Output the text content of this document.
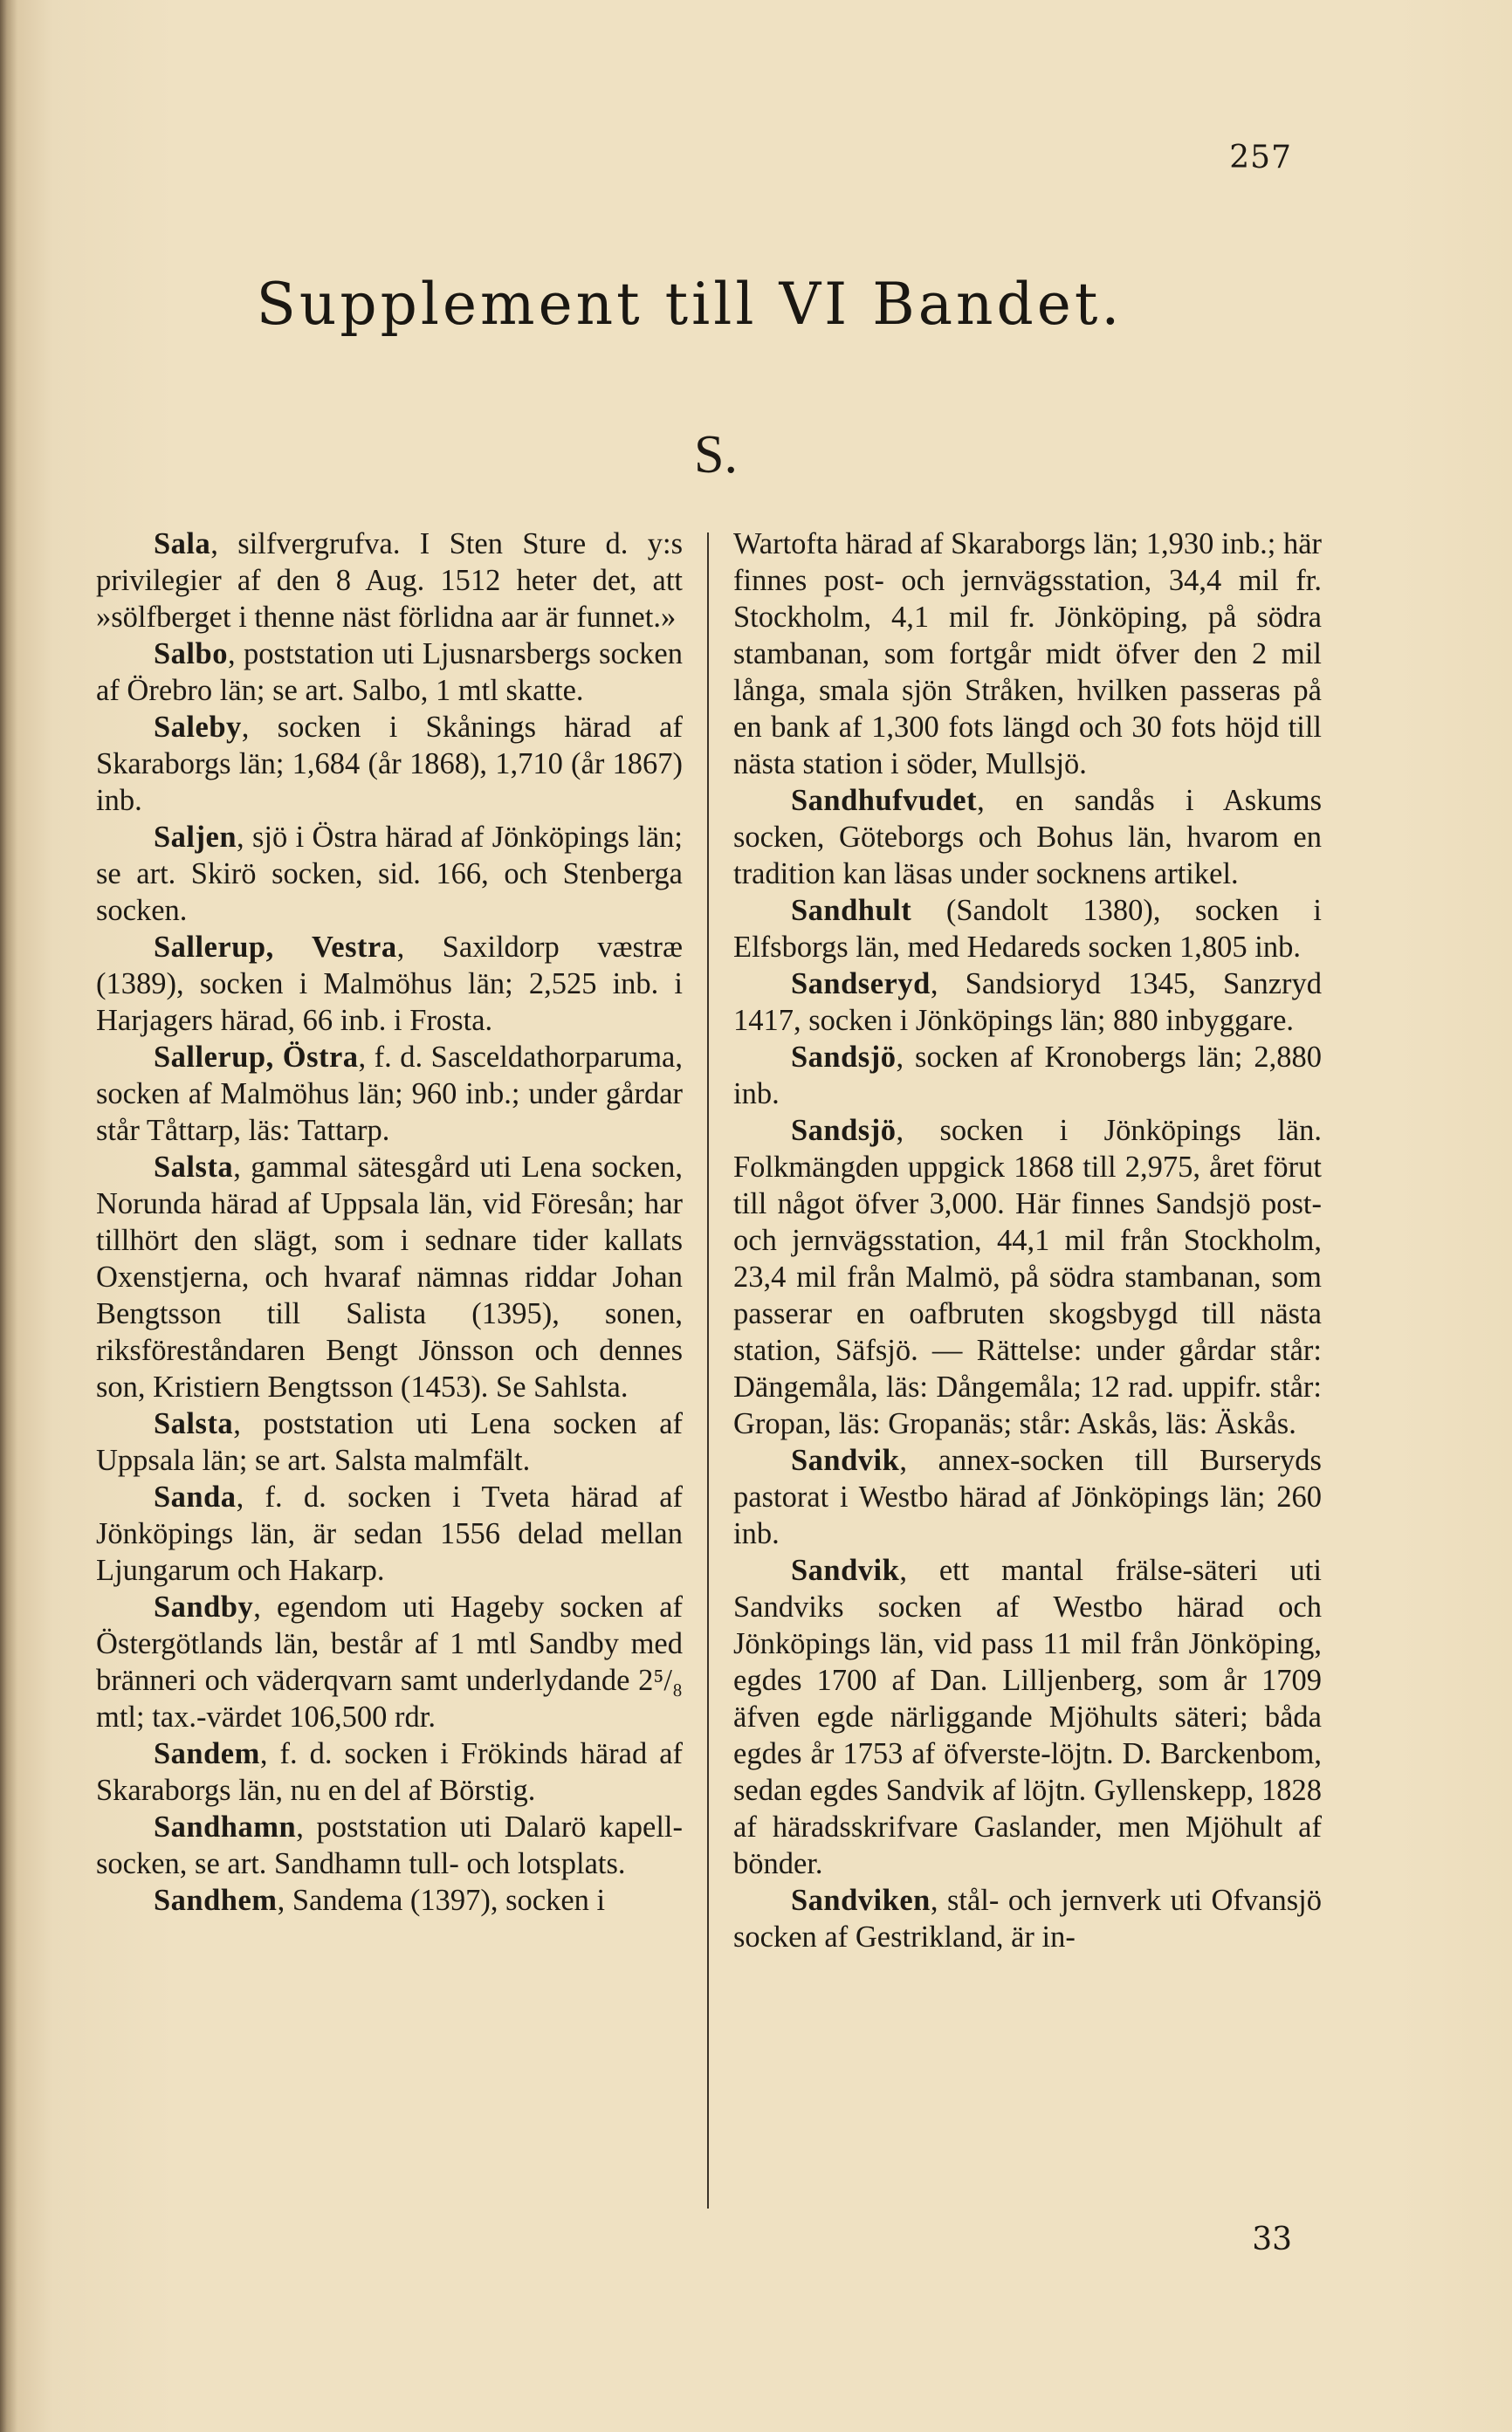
257
Supplement till VI Bandet.
S.

Sala, silfvergrufva. I Sten Sture d. y:s privilegier af den 8 Aug. 1512 heter det, att »sölfberget i thenne näst förlidna aar är funnet.»

Salbo, poststation uti Ljusnarsbergs socken af Örebro län; se art. Salbo, 1 mtl skatte.

Saleby, socken i Skånings härad af Skaraborgs län; 1,684 (år 1868), 1,710 (år 1867) inb.

Saljen, sjö i Östra härad af Jönköpings län; se art. Skirö socken, sid. 166, och Stenberga socken.

Sallerup, Vestra, Saxildorp væstræ (1389), socken i Malmöhus län; 2,525 inb. i Harjagers härad, 66 inb. i Frosta.

Sallerup, Östra, f. d. Sasceldathorparuma, socken af Malmöhus län; 960 inb.; under gårdar står Tåttarp, läs: Tattarp.

Salsta, gammal sätesgård uti Lena socken, Norunda härad af Uppsala län, vid Föresån; har tillhört den slägt, som i sednare tider kallats Oxenstjerna, och hvaraf nämnas riddar Johan Bengtsson till Salista (1395), sonen, riksföreståndaren Bengt Jönsson och dennes son, Kristiern Bengtsson (1453). Se Sahlsta.

Salsta, poststation uti Lena socken af Uppsala län; se art. Salsta malmfält.

Sanda, f. d. socken i Tveta härad af Jönköpings län, är sedan 1556 delad mellan Ljungarum och Hakarp.

Sandby, egendom uti Hageby socken af Östergötlands län, består af 1 mtl Sandby med bränneri och väderqvarn samt underlydande 2⁵/₈ mtl; tax.-värdet 106,500 rdr.

Sandem, f. d. socken i Frökinds härad af Skaraborgs län, nu en del af Börstig.

Sandhamn, poststation uti Dalarö kapell-socken, se art. Sandhamn tull- och lotsplats.

Sandhem, Sandema (1397), socken i

Wartofta härad af Skaraborgs län; 1,930 inb.; här finnes post- och jernvägsstation, 34,4 mil fr. Stockholm, 4,1 mil fr. Jönköping, på södra stambanan, som fortgår midt öfver den 2 mil långa, smala sjön Stråken, hvilken passeras på en bank af 1,300 fots längd och 30 fots höjd till nästa station i söder, Mullsjö.

Sandhufvudet, en sandås i Askums socken, Göteborgs och Bohus län, hvarom en tradition kan läsas under socknens artikel.

Sandhult (Sandolt 1380), socken i Elfsborgs län, med Hedareds socken 1,805 inb.

Sandseryd, Sandsioryd 1345, Sanzryd 1417, socken i Jönköpings län; 880 inbyggare.

Sandsjö, socken af Kronobergs län; 2,880 inb.

Sandsjö, socken i Jönköpings län. Folkmängden uppgick 1868 till 2,975, året förut till något öfver 3,000. Här finnes Sandsjö post- och jernvägsstation, 44,1 mil från Stockholm, 23,4 mil från Malmö, på södra stambanan, som passerar en oafbruten skogsbygd till nästa station, Säfsjö. — Rättelse: under gårdar står: Dängemåla, läs: Dångemåla; 12 rad. uppifr. står: Gropan, läs: Gropanäs; står: Askås, läs: Äskås.

Sandvik, annex-socken till Burseryds pastorat i Westbo härad af Jönköpings län; 260 inb.

Sandvik, ett mantal frälse-säteri uti Sandviks socken af Westbo härad och Jönköpings län, vid pass 11 mil från Jönköping, egdes 1700 af Dan. Lilljenberg, som år 1709 äfven egde närliggande Mjöhults säteri; båda egdes år 1753 af öfverste-löjtn. D. Barckenbom, sedan egdes Sandvik af löjtn. Gyllenskepp, 1828 af häradsskrifvare Gaslander, men Mjöhult af bönder.

Sandviken, stål- och jernverk uti Ofvansjö socken af Gestrikland, är in-

33
